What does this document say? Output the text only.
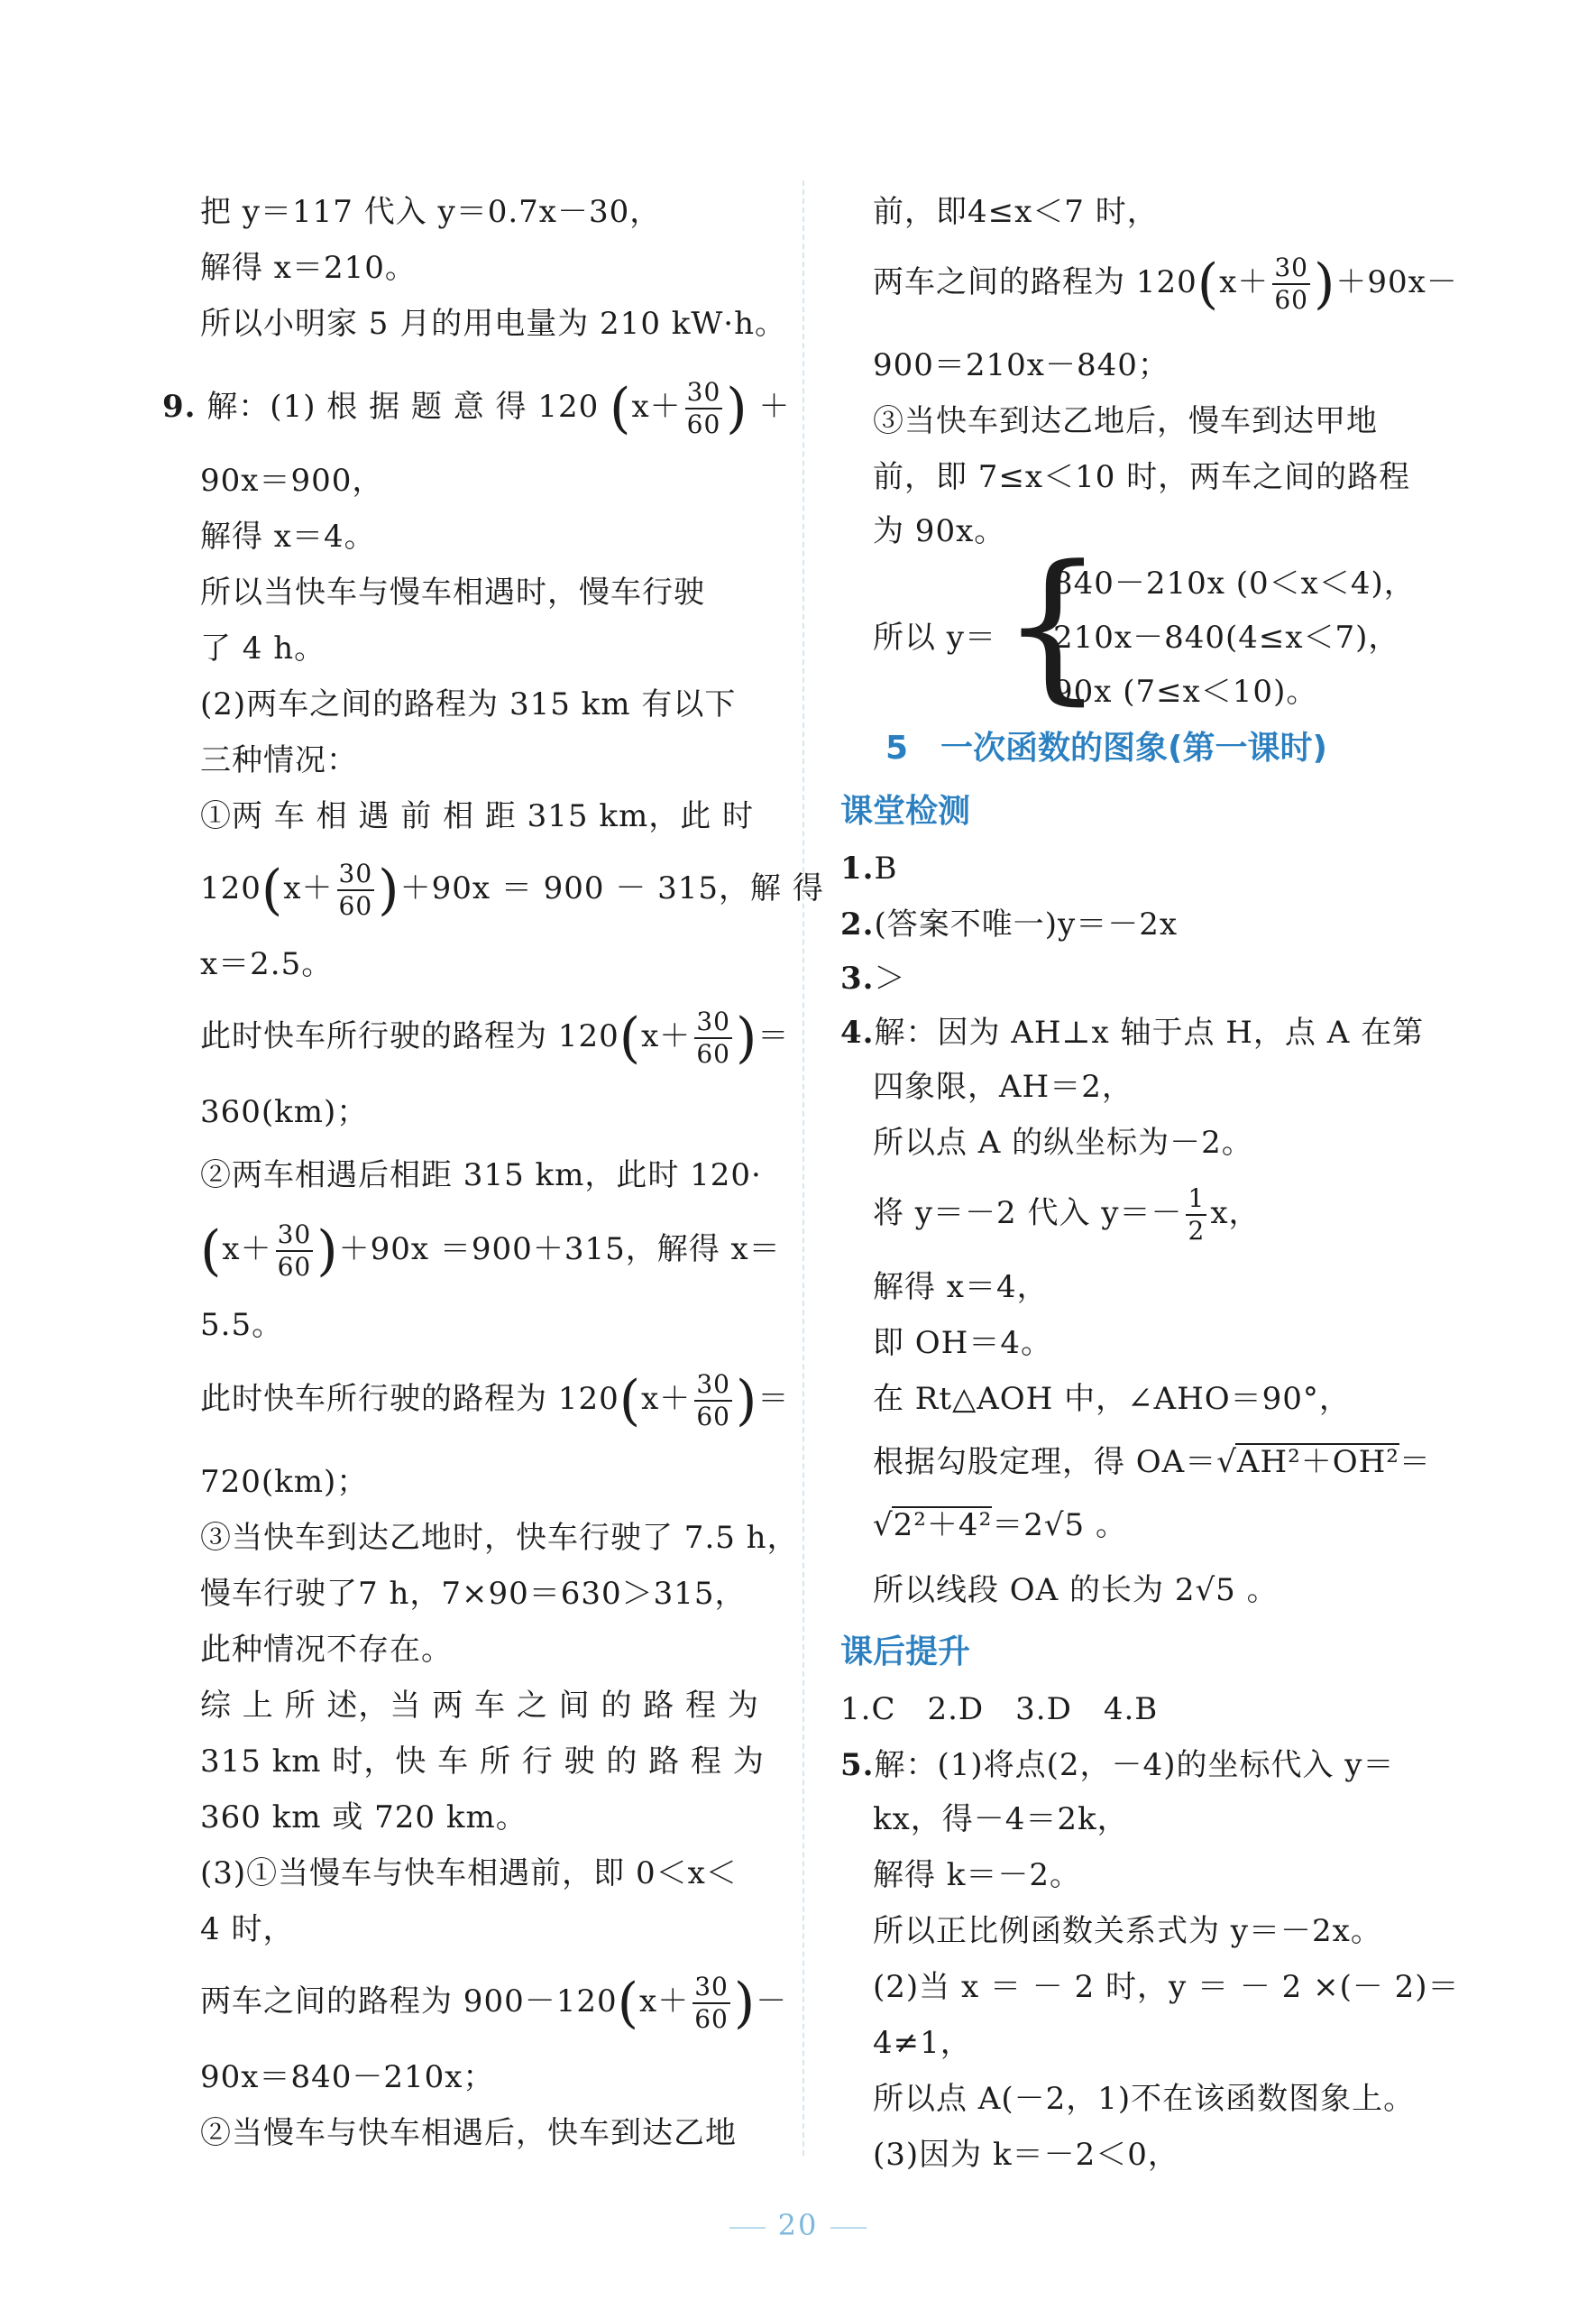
把 y＝117 代入 y＝0.7x－30，
解得 x＝210。
所以小明家 5 月的用电量为 210 kW·h。
9. 解：(1) 根 据 题 意 得 120 ($x+ \frac{30}{60}$ ) ＋
90x＝900，
解得 x＝4。
所以当快车与慢车相遇时，慢车行驶
了 4 h。
(2)两车之间的路程为 315 km 有以下
三种情况：
①两 车 相 遇 前 相 距 315 km，此 时
$120(x+ \frac{30}{60} )+90x = 900 - 315$，解 得
x＝2.5。
此时快车所行驶的路程为 $120(x+ \frac{30}{60}$ )＝
360(km)；
②两车相遇后相距 315 km，此时 120·
$(x+ \frac{30}{60} )+90x =900+315$，解得 x＝
5.5。
此时快车所行驶的路程为 $120(x+ \frac{30}{60}$ )＝
720(km)；
③当快车到达乙地时，快车行驶了 7.5 h，
慢车行驶了7 h，7×90＝630＞315，
此种情况不存在。
综 上 所 述，当 两 车 之 间 的 路 程 为
315 km 时，快 车 所 行 驶 的 路 程 为
360 km 或 720 km。
(3)①当慢车与快车相遇前，即 0＜x＜
4 时，
两车之间的路程为 $900-120(x+ \frac{30}{60}$ )－
90x＝840－210x；
②当慢车与快车相遇后，快车到达乙地
前，即4≤x＜7 时，
两车之间的路程为 $120(x+ \frac{30}{60} )+90x-$
900＝210x－840；
③当快车到达乙地后，慢车到达甲地
前，即 7≤x＜10 时，两车之间的路程
为 90x。
所以 y＝ {
840－210x (0＜x＜4)，
210x－840(4≤x＜7)，
90x (7≤x＜10)。
5　一次函数的图象(第一课时)
课堂检测
1.B
2.(答案不唯一)y＝－2x
3.＞
4.解：因为 AH⊥x 轴于点 H，点 A 在第
四象限，AH＝2，
所以点 A 的纵坐标为－2。
将 y＝－2 代入 $y=- \frac{1}{2}$ x，
解得 x＝4，
即 OH＝4。
在 Rt△AOH 中，∠AHO＝90°，
根据勾股定理，得 OA＝√AH²＋OH²＝
√2²＋4²＝2√5 。
所以线段 OA 的长为 2√5 。
课后提升
1.C　2.D　3.D　4.B
5.解：(1)将点(2，－4)的坐标代入 y＝
kx，得－4＝2k，
解得 k＝－2。
所以正比例函数关系式为 y＝－2x。
(2)当 x ＝ － 2 时，y ＝ － 2 ×(－ 2)＝
4≠1，
所以点 A(－2，1)不在该函数图象上。
(3)因为 k＝－2＜0，
20
